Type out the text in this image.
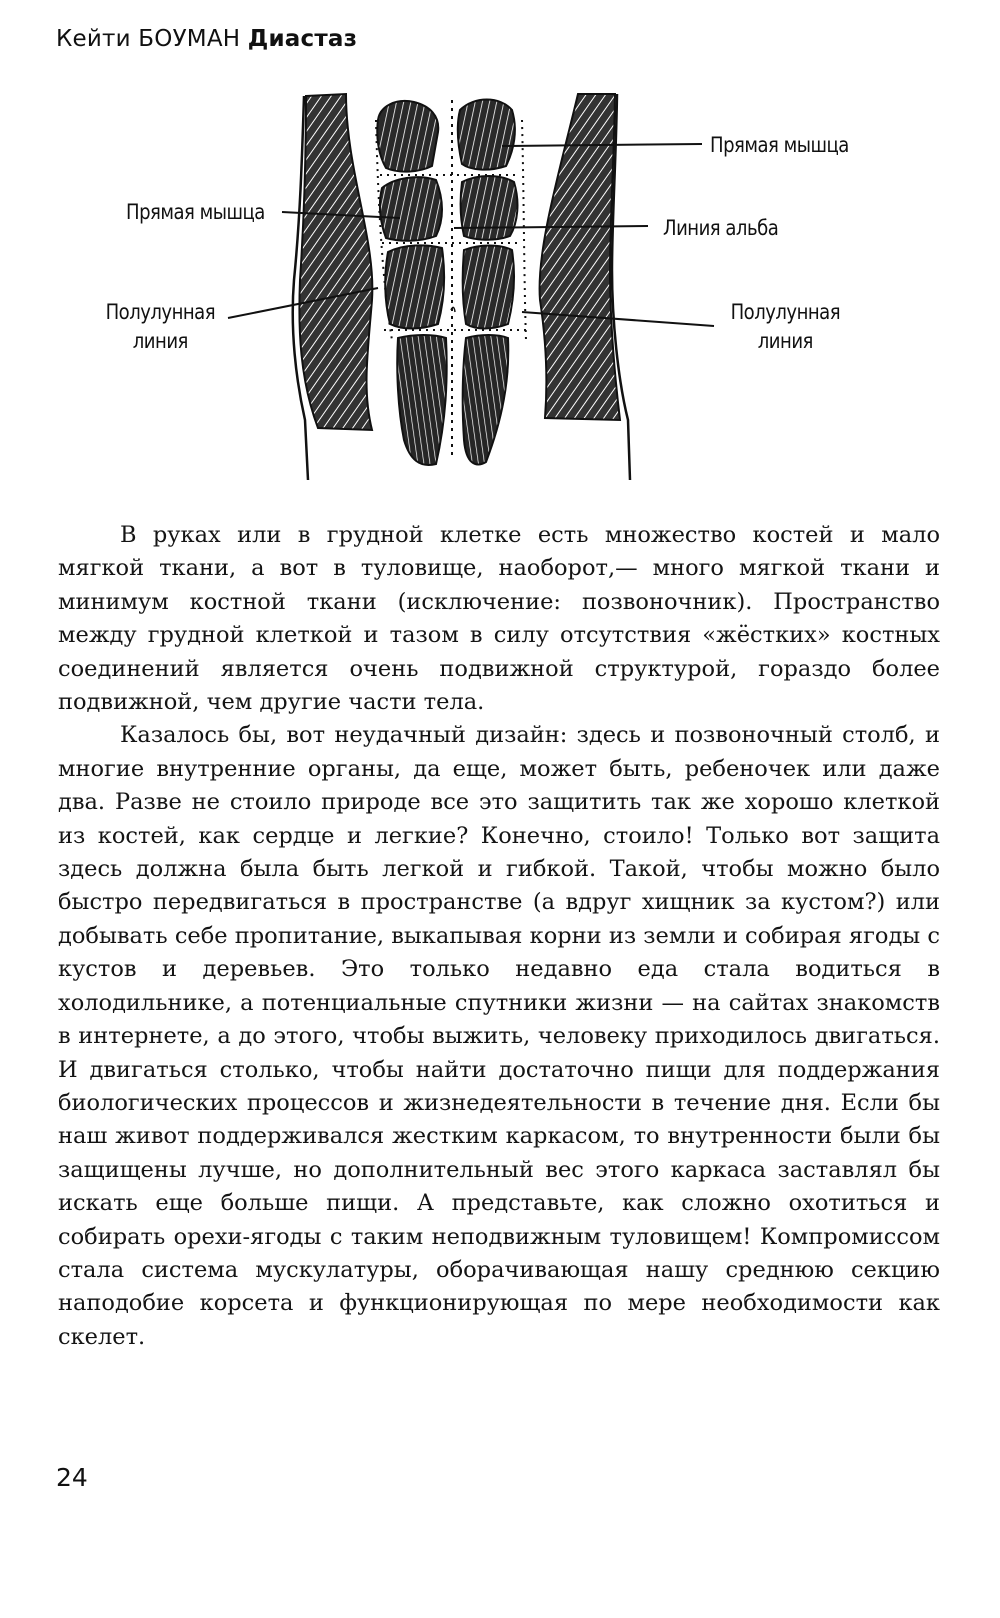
Кейти БОУМАН Диастаз
Прямая мышца
Прямая мышца
Линия альба
Полулунная
линия
Полулунная
линия

В руках или в грудной клетке есть множество костей и мало мягкой ткани, а вот в туловище, наоборот,— много мягкой ткани и минимум костной ткани (исключение: позвоночник). Пространство между грудной клеткой и тазом в силу отсутствия «жёстких» костных соединений является очень подвижной структурой, гораздо более подвижной, чем другие части тела.

Казалось бы, вот неудачный дизайн: здесь и позвоночный столб, и многие внутренние органы, да еще, может быть, ребеночек или даже два. Разве не стоило природе все это защитить так же хорошо клеткой из костей, как сердце и легкие? Конечно, стоило! Только вот защита здесь должна была быть легкой и гибкой. Такой, чтобы можно было быстро передвигаться в пространстве (а вдруг хищник за кустом?) или добывать себе пропитание, выкапывая корни из земли и собирая ягоды с кустов и деревьев. Это только недавно еда стала водиться в холодильнике, а потенциальные спутники жизни — на сайтах знакомств в интернете, а до этого, чтобы выжить, человеку приходилось двигаться. И двигаться столько, чтобы найти достаточно пищи для поддержания биологических процессов и жизнедеятельности в течение дня. Если бы наш живот поддерживался жестким каркасом, то внутренности были бы защищены лучше, но дополнительный вес этого каркаса заставлял бы искать еще больше пищи. А представьте, как сложно охотиться и собирать орехи-ягоды с таким неподвижным туловищем! Компромиссом стала система мускулатуры, оборачивающая нашу среднюю секцию наподобие корсета и функционирующая по мере необходимости как скелет.

24
